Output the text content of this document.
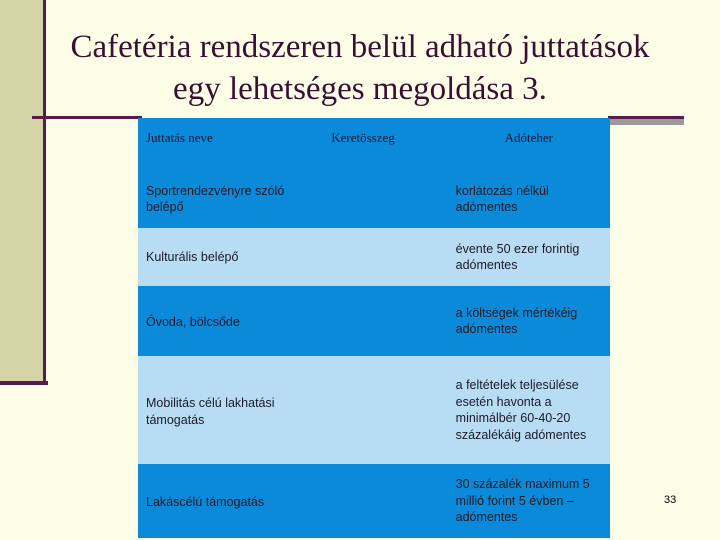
Cafetéria rendszeren belül adható juttatások egy lehetséges megoldása 3.
Juttatás neve	Keretösszeg	Adóteher
Sportrendezvényre szóló belépő		korlátozás nélkül adómentes
Kulturális belépő		évente 50 ezer forintig adómentes
Óvoda, bölcsőde		a költségek mértékéig adómentes
Mobilitás célú lakhatási támogatás		a feltételek teljesülése esetén havonta a minimálbér 60-40-20 százalékáig adómentes
Lakáscélú támogatás		30 százalék maximum 5 millió forint 5 évben – adómentes
33
